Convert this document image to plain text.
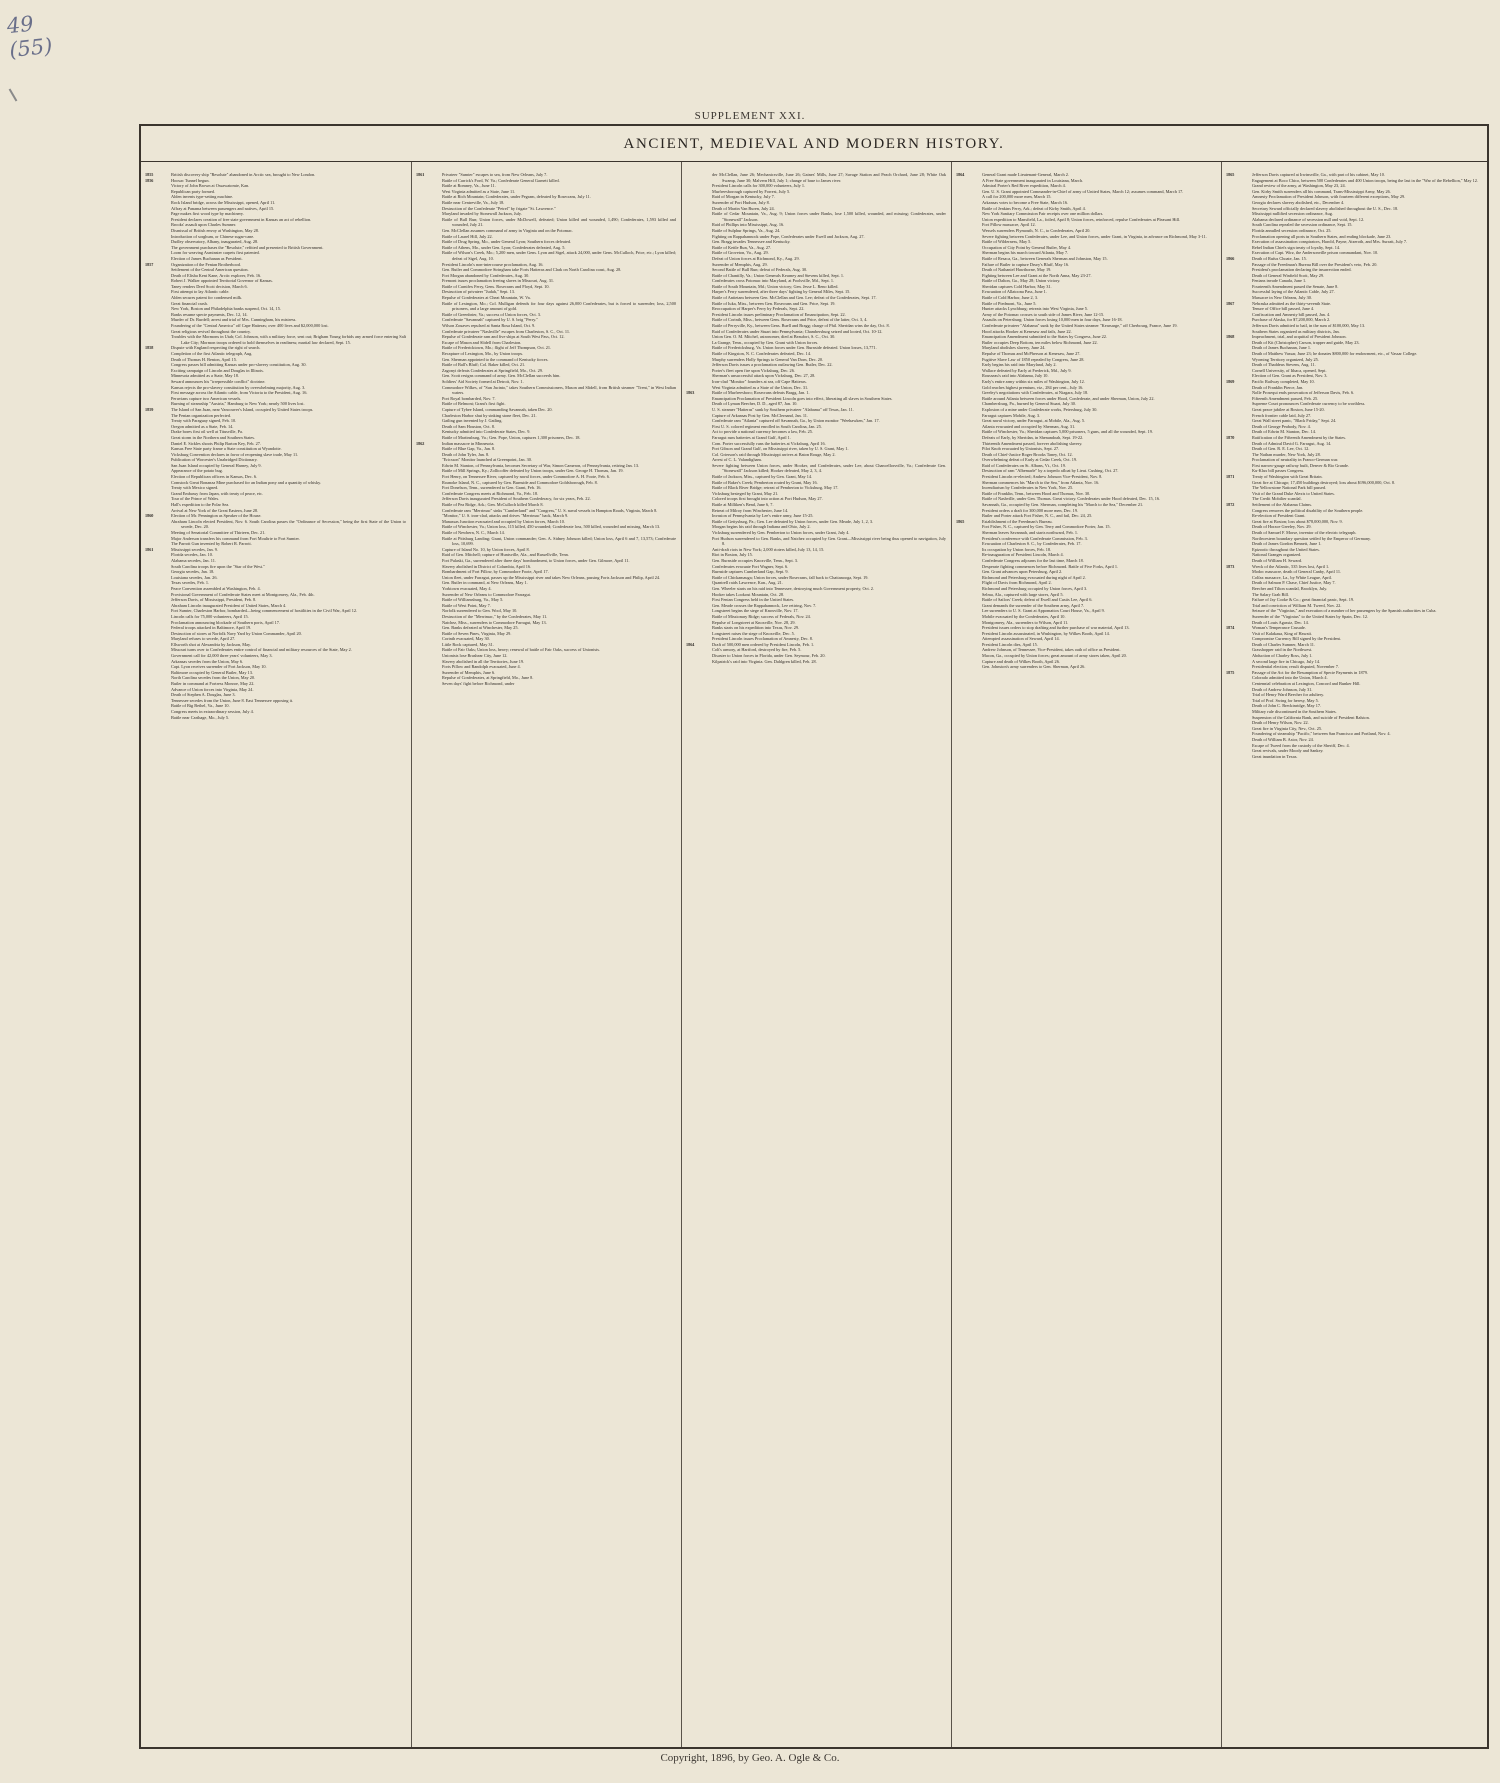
49
(55)
SUPPLEMENT XXI.
ANCIENT, MEDIEVAL AND MODERN HISTORY.
1855	British discovery ship "Resolute" abandoned in Arctic sea, brought to New London.
1856	Hoosac Tunnel begun.
Victory of John Brown at Ossawatomie, Kan.
Republican party formed.
Alden invents type-setting machine.
Rock Island bridge, across the Mississippi, opened, April 11.
Affray at Panama between passengers and natives, April 15.
Page makes first wood type by machinery.
President declares creation of free state government in Kansas an act of rebellion.
Brooks' assault upon Charles Sumner.
Dismissal of British envoy at Washington, May 28.
Introduction of sorghum, or Chinese sugar-cane.
Dudley observatory, Albany, inaugurated, Aug. 28.
The government purchases the "Resolute," refitted and presented to British Government.
Loom for weaving Axminster carpets first patented.
Election of James Buchanan as President.
1857	Organization of the Fenian Brotherhood.
Settlement of the Central American question.
Death of Elisha Kent Kane, Arctic explorer, Feb. 16.
Robert J. Walker appointed Territorial Governor of Kansas.
Taney renders Dred Scott decision, March 6.
First attempt to lay Atlantic cable.
Alden secures patent for condensed milk.
Great financial crash.
New York, Boston and Philadelphia banks suspend, Oct. 14, 15.
Banks resume specie payments, Dec. 12, 14.
Murder of Dr. Burdell; arrest and trial of Mrs. Cunningham, his mistress.
Foundering of the "Central America" off Cape Hatteras; over 400 lives and $2,000,000 lost.
Great religious revival throughout the country.
Troubles with the Mormons in Utah; Col. Johnson, with a military force, sent out; Brigham Young forbids any armed force entering Salt Lake City; Mormon troops ordered to hold themselves in readiness; martial law declared, Sept. 15.
1858	Dispute with England respecting the right of search.
Completion of the first Atlantic telegraph, Aug.
Death of Thomas H. Benton, April 15.
Congress passes bill admitting Kansas under pro-slavery constitution, Aug. 30.
Exciting campaign of Lincoln and Douglas in Illinois.
Minnesota admitted as a State, May 18.
Seward announces his "irrepressible conflict" doctrine.
Kansas rejects the pro-slavery constitution by overwhelming majority, Aug. 3.
First message across the Atlantic cable, from Victoria to the President, Aug. 16.
Peruvians capture two American vessels.
Burning of steamship "Austria," Hamburg to New York; nearly 500 lives lost.
1859	The Island of San Juan, near Vancouver's Island, occupied by United States troops.
The Fenian organization perfected.
Treaty with Paraguay signed, Feb. 10.
Oregon admitted as a State, Feb. 14.
Drake bores first oil well at Titusville, Pa.
Great storm in the Northern and Southern States.
Daniel E. Sickles shoots Philip Barton Key, Feb. 27.
Kansas Free State party frame a State constitution at Wyandotte.
Vicksburg Convention declares in favor of reopening slave trade, May 11.
Publication of Worcester's Unabridged Dictionary.
San Juan Island occupied by General Harney, July 9.
Appearance of the potato bug.
Election of Republican officers in Kansas, Dec. 6.
Comstock Great Bonanza Mine purchased for an Indian pony and a quantity of whisky.
Treaty with Mexico signed.
Grand Embassy from Japan, with treaty of peace, etc.
Tour of the Prince of Wales.
Hall's expedition to the Polar Sea.
Arrival at New York of the Great Eastern, June 28.
1860	Election of Mr. Pennington as Speaker of the House.
Abraham Lincoln elected President, Nov. 6. South Carolina passes the "Ordinance of Secession," being the first State of the Union to secede, Dec. 20.
Meeting of Senatorial Committee of Thirteen, Dec. 21.
Major Anderson transfers his command from Fort Moultrie to Fort Sumter.
The Parrott Gun invented by Robert R. Parrott.
1861	Mississippi secedes, Jan. 9.
Florida secedes, Jan. 10.
Alabama secedes, Jan. 11.
South Carolina troops fire upon the "Star of the West."
Georgia secedes, Jan. 18.
Louisiana secedes, Jan. 26.
Texas secedes, Feb. 1.
Peace Convention assembled at Washington, Feb. 4.
Provisional Government of Confederate States meet at Montgomery, Ala., Feb. 4th.
Jefferson Davis, of Mississippi, President, Feb. 8.
Abraham Lincoln inaugurated President of United States, March 4.
Fort Sumter, Charleston Harbor, bombarded—being commencement of hostilities in the Civil War, April 12.
Lincoln calls for 75,000 volunteers, April 15.
Proclamation announcing blockade of Southern ports, April 17.
Federal troops attacked in Baltimore, April 19.
Destruction of stores at Norfolk Navy Yard by Union Commander, April 20.
Maryland refuses to secede, April 27.
Ellsworth shot at Alexandria by Jackson, May.
Missouri turns over to Confederates entire control of financial and military resources of the State, May 2.
Government call for 42,000 three years' volunteers, May 3.
Arkansas secedes from the Union, May 6.
Capt. Lyon receives surrender of Fort Jackson, May 10.
Baltimore occupied by General Butler, May 13.
North Carolina secedes from the Union, May 20.
Butler in command at Fortress Monroe, May 22.
Advance of Union forces into Virginia, May 24.
Death of Stephen A. Douglas, June 3.
Tennessee secedes from the Union, June 8. East Tennessee opposing it.
Battle of Big Bethel, Va., June 10.
Congress meets in extraordinary session, July 4.
Battle near Carthage, Mo., July 5.
1861	Privateer "Sumter" escapes to sea, from New Orleans, July 7.
Battle of Carrick's Ford, W. Va.; Confederate General Garnett killed.
Battle at Romney, Va., June 11.
West Virginia admitted as a State, June 11.
Battle at Rich Mountain; Confederates, under Pegram, defeated by Rosecrans, July 11.
Battle near Centreville, Va., July 18.
Destruction of the Confederate "Petrel" by frigate "St. Lawrence."
Maryland invaded by Stonewall Jackson, July.
Battle of Bull Run; Union forces, under McDowell, defeated; Union killed and wounded, 1,490; Confederates, 1,593 killed and wounded, July 21.
Gen. McClellan assumes command of army in Virginia and on the Potomac.
Battle of Laurel Hill, July 22.
Battle of Drug Spring, Mo., under General Lyon; Southern forces defeated.
Battle of Athens, Mo., under Gen. Lyon; Confederates defeated, Aug. 5.
Battle of Wilson's Creek, Mo.; 5,200 men, under Gens. Lyon and Sigel, attack 24,000, under Gens. McCulloch, Price, etc.; Lyon killed; defeat of Sigel, Aug. 10.
President Lincoln's non-intercourse proclamation, Aug. 16.
Gen. Butler and Commodore Stringham take Forts Hatteras and Clark on North Carolina coast, Aug. 28.
Fort Morgan abandoned by Confederates, Aug. 30.
Fremont issues proclamation freeing slaves in Missouri, Aug. 31.
Battle of Carnifex Ferry, Gens. Rosecrans and Floyd, Sept. 10.
Destruction of privateer "Judah," Sept. 13.
Repulse of Confederates at Cheat Mountain, W. Va.
Battle of Lexington, Mo.; Col. Mulligan defends for four days against 26,000 Confederates, but is forced to surrender; loss, 2,500 prisoners, and a large amount of gold.
Battle of Greenbrier, Va.; success of Union forces, Oct. 3.
Confederate "Savannah" captured by U. S. brig "Perry."
Wilson Zouaves repulsed at Santa Rosa Island, Oct. 9.
Confederate privateer "Nashville" escapes from Charleston, S. C., Oct. 11.
Repulse of Confederate ram and five ships at South West Pass, Oct. 12.
Escape of Mason and Slidell from Charleston.
Battle of Fredericktown, Mo.; flight of Jeff Thompson, Oct. 21.
Recapture of Lexington, Mo., by Union troops.
Gen. Sherman appointed to the command of Kentucky forces.
Battle of Ball's Bluff; Col. Baker killed, Oct. 21.
Zagonyi defeats Confederates at Springfield, Mo., Oct. 29.
Gen. Scott resigns command of army. Gen. McClellan succeeds him.
Soldiers' Aid Society formed at Detroit, Nov. 1.
Commodore Wilkes, of "San Jacinto," takes Southern Commissioners, Mason and Slidell, from British steamer "Trent," in West Indian waters.
Port Royal bombarded, Nov. 7.
Battle of Belmont; Grant's first fight.
Capture of Tybee Island, commanding Savannah, taken Dec. 20.
Charleston Harbor shut by sinking stone fleet, Dec. 21.
Gatling gun invented by J. Gatling.
Death of Sam Houston, Oct. 8.
Kentucky admitted into Confederate States, Dec. 9.
Battle of Martinsburg, Va.; Gen. Pope, Union, captures 1,300 prisoners, Dec. 18.
1862	Indian massacre in Minnesota.
Battle of Blue Gap, Va., Jan. 8.
Death of John Tyler, Jan. 8.
"Ericsson" Monitor launched at Greenpoint, Jan. 30.
Edwin M. Stanton, of Pennsylvania, becomes Secretary of War, Simon Cameron, of Pennsylvania, retiring Jan. 13.
Battle of Mill Springs, Ky.; Zollicoffer defeated by Union troops, under Gen. George H. Thomas, Jan. 19.
Fort Henry, on Tennessee River, captured by naval forces, under Commodore A. H. Foote, Feb. 6.
Roanoke Island, N. C., captured by Gen. Burnside and Commodore Goldsborough, Feb. 8.
Fort Donelson, Tenn., surrendered to Gen. Grant, Feb. 16.
Confederate Congress meets at Richmond, Va., Feb. 18.
Jefferson Davis inaugurated President of Southern Confederacy, for six years, Feb. 22.
Battle of Pea Ridge, Ark.; Gen. McCulloch killed March 8.
Confederate ram "Merrimac" sinks "Cumberland" and "Congress," U. S. naval vessels in Hampton Roads, Virginia, March 8.
"Monitor," U. S. iron-clad, attacks and drives "Merrimac" back, March 9.
Manassas Junction evacuated and occupied by Union forces, March 10.
Battle of Winchester, Va.; Union loss, 115 killed, 450 wounded; Confederate loss, 500 killed, wounded and missing, March 13.
Battle of Newbern, N. C., March 14.
Battle at Pittsburg Landing; Grant, Union commander; Gen. A. Sidney Johnson killed; Union loss, April 6 and 7, 13,573; Confederate loss, 10,699.
Capture of Island No. 10, by Union forces, April 8.
Raid of Gen. Mitchell; capture of Huntsville, Ala., and Russellville, Tenn.
Fort Pulaski, Ga., surrendered after three days' bombardment, to Union forces, under Gen. Gilmore, April 11.
Slavery abolished in District of Columbia, April 16.
Bombardment of Fort Pillow, by Commodore Foote, April 17.
Union fleet, under Farragut, passes up the Mississippi river and takes New Orleans, passing Forts Jackson and Philip, April 24.
Gen. Butler in command, at New Orleans, May 1.
Yorktown evacuated, May 4.
Surrender of New Orleans to Commodore Farragut.
Battle of Williamsburg, Va., May 5.
Battle of West Point, May 7.
Norfolk surrendered to Gen. Wool, May 10.
Destruction of the "Merrimac," by the Confederates, May 11.
Natchez, Miss., surrenders to Commodore Farragut, May 13.
Gen. Banks defeated at Winchester, May 25.
Battle of Seven Pines, Virginia, May 29.
Corinth evacuated, May 30.
Little Rock captured, May 31.
Battle of Fair Oaks; Union loss, heavy; renewal of battle of Fair Oaks, success of Unionists.
Unionists lose Brashear City, June 12.
Slavery abolished in all the Territories, June 19.
Forts Pillow and Randolph evacuated, June 4.
Surrender of Memphis, June 6.
Repulse of Confederates, at Springfield, Mo., June 8.
Seven days' fight before Richmond, under
der McClellan, June 26; Mechanicsville, June 26; Gaines' Mills, June 27; Savage Station and Peach Orchard, June 28; White Oak Swamp, June 30; Malvern Hill, July 1; change of base to James river.
President Lincoln calls for 300,000 volunteers, July 1.
Murfreesborough captured by Forrest, July 5.
Raid of Morgan in Kentucky, July 7.
Surrender of Port Hudson, July 8.
Death of Martin Van Buren, July 24.
Battle of Cedar Mountain, Va., Aug. 9; Union forces under Banks, lose 1,500 killed, wounded, and missing; Confederates, under "Stonewall" Jackson.
Raid of Phillips into Mississippi, Aug. 16.
Battle of Sulphur Springs, Va., Aug. 24.
Fighting on Rappahannock under Pope, Confederates under Ewell and Jackson, Aug. 27.
Gen. Bragg invades Tennessee and Kentucky.
Battle of Kettle Run, Va., Aug. 27.
Battle of Groveton, Va., Aug. 29.
Defeat of Union forces at Richmond, Ky., Aug. 29.
Surrender of Memphis, Aug. 29.
Second Battle of Bull Run; defeat of Federals, Aug. 30.
Battle of Chantilly, Va.; Union Generals Kearney and Stevens killed, Sept. 1.
Confederates cross Potomac into Maryland, at Poolsville, Md., Sept. 1.
Battle of South Mountain, Md.; Union victory; Gen. Jesse L. Reno killed.
Harper's Ferry surrendered, after three days' fighting by General Miles, Sept. 15.
Battle of Antietam between Gen. McClellan and Gen. Lee; defeat of the Confederates, Sept. 17.
Battle of Iuka, Miss., between Gen. Rosecrans and Gen. Price, Sept. 19.
Reoccupation of Harper's Ferry by Federals, Sept. 22.
President Lincoln issues preliminary Proclamation of Emancipation, Sept. 22.
Battle of Corinth, Miss., between Gens. Rosecrans and Price, defeat of the latter, Oct. 3, 4.
Battle of Perryville, Ky., between Gens. Buell and Bragg; charge of Phil. Sheridan wins the day, Oct. 8.
Raid of Confederates under Stuart into Pennsylvania; Chambersburg seized and looted, Oct. 10-12.
Union Gen. O. M. Mitchel, astronomer, died at Beaufort, S. C., Oct. 30.
La Grange, Tenn., occupied by Gen. Grant with Union forces.
Battle of Fredericksburg, Va. Union forces under Gen. Burnside defeated. Union losses, 13,771.
Battle of Kingston, N. C. Confederates defeated, Dec. 14.
Murphy surrenders Holly Springs to General Van Dorn, Dec. 20.
Jefferson Davis issues a proclamation outlawing Gen. Butler, Dec. 22.
Porter's fleet open fire upon Vicksburg, Dec. 26.
Sherman's unsuccessful attack upon Vicksburg, Dec. 27, 28.
Iron-clad "Monitor" founders at sea, off Cape Hatteras.
West Virginia admitted as a State of the Union, Dec. 31.
1863	Battle of Murfreesboro; Rosecrans defeats Bragg, Jan. 1.
Emancipation Proclamation of President Lincoln goes into effect, liberating all slaves in Southern States.
Death of Lyman Beecher, D. D., aged 87, Jan. 10.
U. S. steamer "Hatteras" sunk by Southern privateer "Alabama" off Texas, Jan. 11.
Capture of Arkansas Post by Gen. McClernand, Jan. 11.
Confederate ram "Atlanta" captured off Savannah, Ga., by Union monitor "Weehawken," Jan. 17.
First U. S. colored regiment enrolled in South Carolina, Jan. 25.
Act to provide a national currency becomes a law, Feb. 25.
Farragut runs batteries at Grand Gulf, April 1.
Com. Porter successfully runs the batteries at Vicksburg, April 16.
Port Gibson and Grand Gulf, on Mississippi river, taken by U. S. Grant, May 1.
Col. Grierson's raid through Mississippi arrives at Baton Rouge, May 2.
Arrest of C. L. Valandigham.
Severe fighting between Union forces, under Hooker, and Confederates, under Lee, about Chancellorsville, Va.; Confederate Gen. "Stonewall" Jackson killed; Hooker defeated, May 2, 3, 4.
Battle of Jackson, Miss., captured by Gen. Grant, May 14.
Battle of Baker's Creek; Pemberton routed by Grant, May 16.
Battle of Black River Bridge; retreat of Pemberton to Vicksburg, May 17.
Vicksburg besieged by Grant, May 21.
Colored troops first brought into action at Port Hudson, May 27.
Battle at Milliken's Bend, June 6, 7.
Retreat of Milroy from Winchester, June 14.
Invasion of Pennsylvania by Lee's entire army, June 15-25.
Battle of Gettysburg, Pa.; Gen. Lee defeated by Union forces, under Gen. Meade, July 1, 2, 3.
Morgan begins his raid through Indiana and Ohio, July 2.
Vicksburg surrendered by Gen. Pemberton to Union forces, under Grant, July 4.
Port Hudson surrendered to Gen. Banks, and Natchez occupied by Gen. Grant—Mississippi river being thus opened to navigation, July 8.
Anti-draft riots in New York; 2,000 rioters killed, July 13, 14, 15.
Riot in Boston, July 15.
Gen. Burnside occupies Knoxville, Tenn., Sept. 3.
Confederates evacuate Fort Wagner, Sept. 6.
Burnside captures Cumberland Gap, Sept. 9.
Battle of Chickamauga; Union forces, under Rosecrans, fall back to Chattanooga, Sept. 19.
Quantrell raids Lawrence, Kan., Aug. 21.
Gen. Wheeler starts on his raid into Tennessee, destroying much Government property, Oct. 2.
Hooker takes Lookout Mountain, Oct. 28.
First Fenian Congress held in the United States.
Gen. Meade crosses the Rappahannock, Lee retiring, Nov. 7.
Longstreet begins the siege of Knoxville, Nov. 17.
Battle of Missionary Ridge; success of Federals, Nov. 24.
Repulse of Longstreet at Knoxville, Nov. 28, 29.
Banks starts on his expedition into Texas, Nov. 29.
Longstreet raises the siege of Knoxville, Dec. 5.
President Lincoln issues Proclamation of Amnesty, Dec. 8.
1864	Draft of 500,000 men ordered by President Lincoln, Feb. 1.
Colt's armory, at Hartford, destroyed by fire, Feb. 5.
Disaster to Union forces in Florida, under Gen. Seymour, Feb. 20.
Kilpatrick's raid into Virginia. Gen. Dahlgren killed, Feb. 28.
1864	General Grant made Lieutenant-General, March 2.
A Free State government inaugurated in Louisiana, March.
Admiral Porter's Red River expedition, March 4.
Gen. U. S. Grant appointed Commander-in-Chief of army of United States, March 12; assumes command, March 17.
A call for 200,000 more men, March 15.
Arkansas votes to become a Free State, March 16.
Battle of Jenkins Ferry, Ark.; defeat of Kirby Smith, April 4.
New York Sanitary Commission Fair receipts over one million dollars.
Union expedition to Mansfield, La., foiled, April 8; Union forces, reinforced, repulse Confederates at Pleasant Hill.
Fort Pillow massacre, April 12.
Wessels surrenders Plymouth, N. C., to Confederates, April 20.
Severe fighting between Confederates, under Lee, and Union forces, under Grant, in Virginia, in advance on Richmond, May 3-11.
Battle of Wilderness, May 5.
Occupation of City Point by General Butler, May 4.
Sherman begins his march toward Atlanta, May 7.
Battle of Resaca, Ga., between Generals Sherman and Johnston, May 15.
Failure of Butler to capture Drury's Bluff, May 16.
Death of Nathaniel Hawthorne, May 19.
Fighting between Lee and Grant at the North Anna, May 23-27.
Battle of Dalton, Ga., May 28; Union victory.
Sheridan captures Cold Harbor, May 31.
Evacuation of Allatoona Pass, June 1.
Battle of Cold Harbor, June 2, 3.
Battle of Piedmont, Va., June 5.
Hunter attacks Lynchburg; retreats into West Virginia, June 5.
Army of the Potomac crosses to south side of James River, June 12-15.
Assaults on Petersburg; Union forces losing 10,000 men in four days, June 16-18.
Confederate privateer "Alabama" sunk by the United States steamer "Kearsarge," off Cherbourg, France, June 19.
Hood attacks Hooker at Kenesaw and fails, June 22.
Emancipation Amendment submitted to the States by Congress, June 22.
Butler occupies Deep Bottom, ten miles below Richmond, June 22.
Maryland abolishes slavery, June 24.
Repulse of Thomas and McPherson at Kenesaw, June 27.
Fugitive Slave Law of 1850 repealed by Congress, June 28.
Early begins his raid into Maryland, July 2.
Wallace defeated by Early at Frederick, Md., July 9.
Rousseau's raid into Alabama, July 10.
Early's entire army within six miles of Washington, July 12.
Gold reaches highest premium, viz., 284 per cent., July 16.
Greeley's negotiations with Confederates, at Niagara, July 18.
Battle around Atlanta between forces under Hood, Confederate, and under Sherman, Union, July 22.
Chambersburg, Pa., burned by General Stuart, July 30.
Explosion of a mine under Confederate works, Petersburg, July 30.
Farragut captures Mobile, Aug. 3.
Great naval victory, under Farragut, at Mobile, Ala., Aug. 5.
Atlanta evacuated and occupied by Sherman, Aug. 31.
Battle of Winchester, Va.; Sheridan captures 5,000 prisoners, 5 guns, and all the wounded, Sept. 19.
Defeats of Early, by Sheridan, in Shenandoah, Sept. 19-22.
Thirteenth Amendment passed, forever abolishing slavery.
Pilot Knob evacuated by Unionists, Sept. 27.
Death of Chief-Justice Roger Brooks Taney, Oct. 12.
Overwhelming defeat of Early at Cedar Creek, Oct. 19.
Raid of Confederates on St. Albans, Vt., Oct. 19.
Destruction of ram "Albemarle" by a torpedo afloat by Lieut. Cushing, Oct. 27.
President Lincoln re-elected; Andrew Johnson Vice-President, Nov. 8.
Sherman commences his "March to the Sea," from Atlanta, Nov. 16.
Incendiarism by Confederates in New York, Nov. 25.
Battle of Franklin, Tenn., between Hood and Thomas, Nov. 30.
Battle of Nashville, under Gen. Thomas. Great victory. Confederates under Hood defeated, Dec. 15, 16.
Savannah, Ga., occupied by Gen. Sherman, completing his "March to the Sea," December 21.
President orders a draft for 300,000 more men, Dec. 19.
Butler and Porter attack Fort Fisher, N. C., and fail, Dec. 24, 25.
1865	Establishment of the Freedman's Bureau.
Fort Fisher, N. C., captured by Gen. Terry and Commodore Porter, Jan. 15.
Sherman leaves Savannah, and starts northward, Feb. 1.
President's conference with Confederate Commission, Feb. 3.
Evacuation of Charleston S. C., by Confederates, Feb. 17.
Its occupation by Union forces, Feb. 18.
Re-inauguration of President Lincoln, March 4.
Confederate Congress adjourns for the last time, March 18.
Desperate fighting commences before Richmond. Battle of Five Forks, April 1.
Gen. Grant advances upon Petersburg, April 2.
Richmond and Petersburg evacuated during night of April 2.
Flight of Davis from Richmond, April 2.
Richmond and Petersburg occupied by Union forces, April 3.
Selma, Ala., captured with large stores, April 5.
Battle of Sailors' Creek; defeat of Ewell and Custis Lee, April 6.
Grant demands the surrender of the Southern army, April 7.
Lee surrenders to U. S. Grant at Appomattox Court House, Va., April 9.
Mobile evacuated by the Confederates, April 10.
Montgomery, Ala., surrenders to Wilson, April 11.
President issues orders to stop drafting and further purchase of war material, April 13.
President Lincoln assassinated, in Washington, by Wilkes Booth, April 14.
Attempted assassination of Seward, April 14.
President Lincoln dies, April 15.
Andrew Johnson, of Tennessee, Vice-President, takes oath of office as President.
Macon, Ga., occupied by Union forces; great amount of army stores taken, April 20.
Capture and death of Wilkes Booth, April 26.
Gen. Johnston's army surrenders to Gen. Sherman, April 26.
1865	Jefferson Davis captured at Irwinsville, Ga., with part of his cabinet, May 10.
Engagement at Boco Chico, between 500 Confederates and 400 Union troops, being the last in the "War of the Rebellion," May 12.
Grand review of the army, at Washington, May 23, 24.
Gen. Kirby Smith surrenders all his command, Trans-Mississippi Army, May 26.
Amnesty Proclamation of President Johnson, with fourteen different exceptions, May 29.
Georgia declares slavery abolished, etc., December 4.
Secretary Seward officially declared slavery abolished throughout the U. S., Dec. 18.
Mississippi nullified secession ordinance, Aug.
Alabama declared ordinance of secession null and void, Sept. 12.
South Carolina repealed the secession ordinance, Sept. 15.
Florida annulled secession ordinance, Oct. 25.
Proclamation opening all ports in Southern States, and ending blockade, June 23.
Execution of assassination conspirators, Harold, Payne, Atzeroth, and Mrs. Surratt, July 7.
Rebel Indian Chiefs sign treaty of loyalty, Sept. 14.
Execution of Capt. Wirz, the Andersonville prison commandant, Nov. 10.
1866	Death of Rufus Choate, Jan. 15.
Passage of the Freedman's Bureau Bill over the President's veto, Feb. 20.
President's proclamation declaring the insurrection ended.
Death of General Winfield Scott, May 29.
Fenians invade Canada, June 1.
Fourteenth Amendment passed the Senate, June 8.
Successful laying of the Atlantic Cable, July 27.
Massacre in New Orleans, July 30.
1867	Nebraska admitted as the thirty-seventh State.
Tenure of Office bill passed, June 4.
Confiscation and Amnesty bill passed, Jan. 4.
Purchase of Alaska, for $7,200,000, March 2.
Jefferson Davis admitted to bail, in the sum of $100,000, May 13.
Southern States organized as military districts, Jan.
1868	Impeachment, trial, and acquittal of President Johnson.
Death of Kit (Christopher) Carson, trapper and guide, May 23.
Death of James Buchanan, June 1.
Death of Matthew Vassar, June 23; he donates $800,000 for endowment, etc., of Vassar College.
Wyoming Territory organized, July 25.
Death of Thaddeus Stevens, Aug. 11.
Cornell University, of Ithaca, opened, Sept.
Election of Gen. Grant as President, Nov. 3.
1869	Pacific Railway completed, May 10.
Death of Franklin Pierce, Jan.
Nolle Prosequi ends prosecution of Jefferson Davis, Feb. 6.
Fifteenth Amendment passed, Feb. 25.
Supreme Court pronounces Confederate currency to be worthless.
Great peace jubilee at Boston, June 15-20.
French frontier cable laid, July 27.
Great Wall street panic, "Black Friday," Sept. 24.
Death of George Peabody, Nov. 4.
Death of Edwin M. Stanton, Dec. 14.
1870	Ratification of the Fifteenth Amendment by the States.
Death of Admiral David G. Farragut, Aug. 14.
Death of Gen. R. E. Lee, Oct. 12.
The Nathan murder, New York, July 28.
Proclamation of neutrality in Franco-German war.
First narrow-gauge railway built, Denver & Rio Grande.
Ku-Klux bill passes Congress.
1871	Treaty of Washington with Great Britain.
Great fire at Chicago; 17,450 buildings destroyed; loss about $196,000,000, Oct. 8.
The Yellowstone National Park bill passed.
Visit of the Grand Duke Alexis to United States.
The Credit Mobilier scandal.
1872	Settlement of the Alabama Claims.
Congress removes the political disability of the Southern people.
Re-election of President Grant.
Great fire at Boston; loss about $78,000,000, Nov. 9.
Death of Horace Greeley, Nov. 29.
Death of Samuel F. Morse, inventor of the electric telegraph.
Northwestern boundary question settled by the Emperor of Germany.
Death of James Gordon Bennett, June 1.
Epizootic throughout the United States.
National Granges organized.
Death of William H. Seward.
1873	Wreck of the Atlantic, 535 lives lost, April 1.
Modoc massacre, death of General Canby, April 11.
Colfax massacre, La., by White League, April.
Death of Salmon P. Chase, Chief Justice, May 7.
Beecher and Tilton scandal, Brooklyn, July.
The Salary Grab Bill.
Failure of Jay Cooke & Co.; great financial panic, Sept. 19.
Trial and conviction of William M. Tweed, Nov. 22.
Seizure of the "Virginius," and execution of a number of her passengers by the Spanish authorities in Cuba.
Surrender of the "Virginius" to the United States by Spain, Dec. 12.
Death of Louis Agassiz, Dec. 14.
1874	Woman's Temperance Crusade.
Visit of Kalakaua, King of Hawaii.
Compromise Currency Bill signed by the President.
Death of Charles Sumner, March 11.
Grasshopper raid in the Northwest.
Abduction of Charley Ross, July 1.
A second large fire in Chicago, July 14.
Presidential election; result disputed, November 7.
1875	Passage of the Act for the Resumption of Specie Payments in 1879.
Colorado admitted into the Union, March 4.
Centennial celebration at Lexington, Concord and Bunker Hill.
Death of Andrew Johnson, July 31.
Trial of Henry Ward Beecher for adultery.
Trial of Prof. Swing for heresy, May 5.
Death of John C. Breckinridge, May 17.
Military rule discontinued in the Southern States.
Suspension of the California Bank, and suicide of President Ralston.
Death of Henry Wilson, Nov. 22.
Great fire in Virginia City, Nev., Oct. 25.
Foundering of steamship "Pacific," between San Francisco and Portland, Nov. 4.
Death of William B. Astor, Nov. 24.
Escape of Tweed from the custody of the Sheriff, Dec. 4.
Great revivals, under Moody and Sankey.
Great inundation in Texas.
Copyright, 1896, by Geo. A. Ogle & Co.
